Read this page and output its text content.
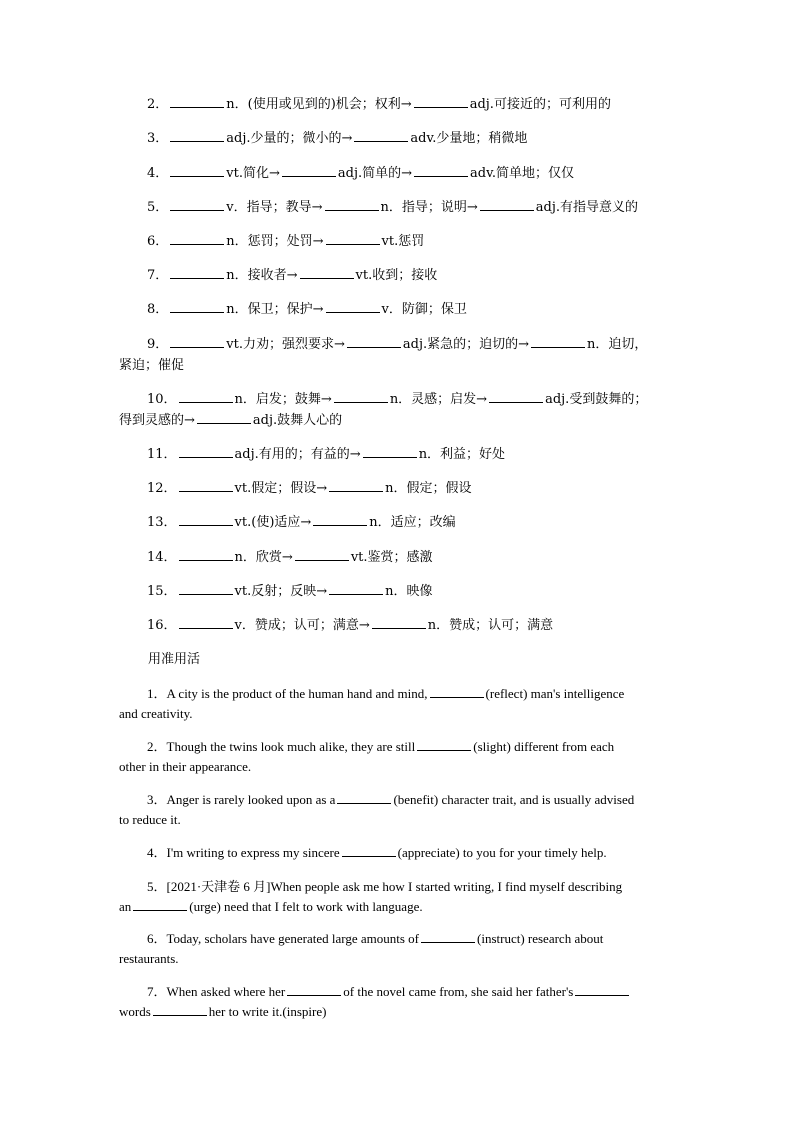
2．	n．(使用或见到的)机会；权利→	adj.可接近的；可利用的
3．	adj.少量的；微小的→	adv.少量地；稍微地
4．	vt.简化→	adj.简单的→	adv.简单地；仅仅
5．	v．指导；教导→	n．指导；说明→	adj.有指导意义的
6．	n．惩罚；处罚→	vt.惩罚
7．	n．接收者→	vt.收到；接收
8．	n．保卫；保护→	v．防御；保卫
9．	vt.力劝；强烈要求→	adj.紧急的；迫切的→	n．迫切，
紧迫；催促
10．	n．启发；鼓舞→	n．灵感；启发→	adj.受到鼓舞的；
得到灵感的→	adj.鼓舞人心的
11．	adj.有用的；有益的→	n．利益；好处
12．	vt.假定；假设→	n．假定；假设
13．	vt.(使)适应→	n．适应；改编
14．	n．欣赏→	vt.鉴赏；感激
15．	vt.反射；反映→	n．映像
16．	v．赞成；认可；满意→	n．赞成；认可；满意
用准用活
1．A city is the product of the human hand and mind,	(reflect) man's intelligence
and creativity.
2．Though the twins look much alike, they are still	(slight) different from each
other in their appearance.
3．Anger is rarely looked upon as a	(benefit) character trait, and is usually advised
to reduce it.
4．I'm writing to express my sincere	(appreciate) to you for your timely help.
5．[2021·天津卷 6 月]When people ask me how I started writing, I find myself describing
an	(urge) need that I felt to work with language.
6．Today, scholars have generated large amounts of	(instruct) research about
restaurants.
7．When asked where her	of the novel came from, she said her father's
words	her to write it.(inspire)
